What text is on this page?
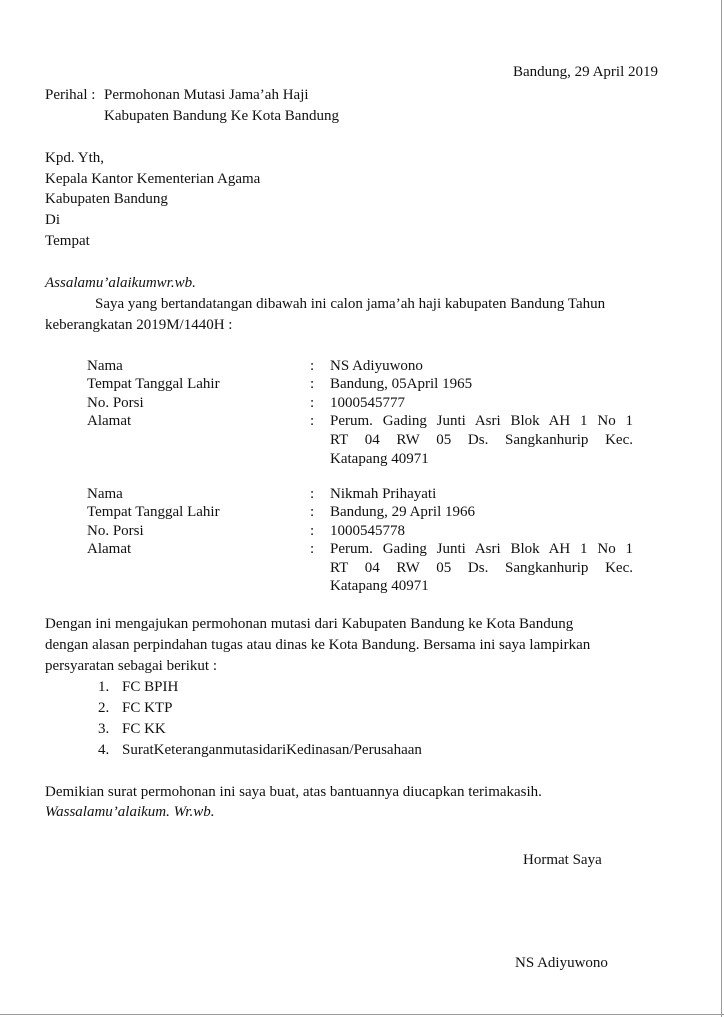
Bandung, 29 April 2019
Perihal : Permohonan Mutasi Jama’ah Haji
Kabupaten Bandung Ke Kota Bandung
Kpd. Yth,
Kepala Kantor Kementerian Agama
Kabupaten Bandung
Di
Tempat
Assalamu’alaikumwr.wb.
Saya yang bertandatangan dibawah ini calon jama’ah haji kabupaten Bandung Tahun
keberangkatan 2019M/1440H :
Nama	: NS Adiyuwono
Tempat Tanggal Lahir	: Bandung, 05April 1965
No. Porsi	: 1000545777
Alamat	: Perum. Gading Junti Asri Blok AH 1 No 1
RT 04 RW 05 Ds. Sangkanhurip Kec.
Katapang 40971
Nama	: Nikmah Prihayati
Tempat Tanggal Lahir	: Bandung, 29 April 1966
No. Porsi	: 1000545778
Alamat	: Perum. Gading Junti Asri Blok AH 1 No 1
RT 04 RW 05 Ds. Sangkanhurip Kec.
Katapang 40971
Dengan ini mengajukan permohonan mutasi dari Kabupaten Bandung ke Kota Bandung
dengan alasan perpindahan tugas atau dinas ke Kota Bandung. Bersama ini saya lampirkan
persyaratan sebagai berikut :
1. FC BPIH
2. FC KTP
3. FC KK
4. SuratKeteranganmutasidariKedinasan/Perusahaan
Demikian surat permohonan ini saya buat, atas bantuannya diucapkan terimakasih.
Wassalamu’alaikum. Wr.wb.
Hormat Saya
NS Adiyuwono
